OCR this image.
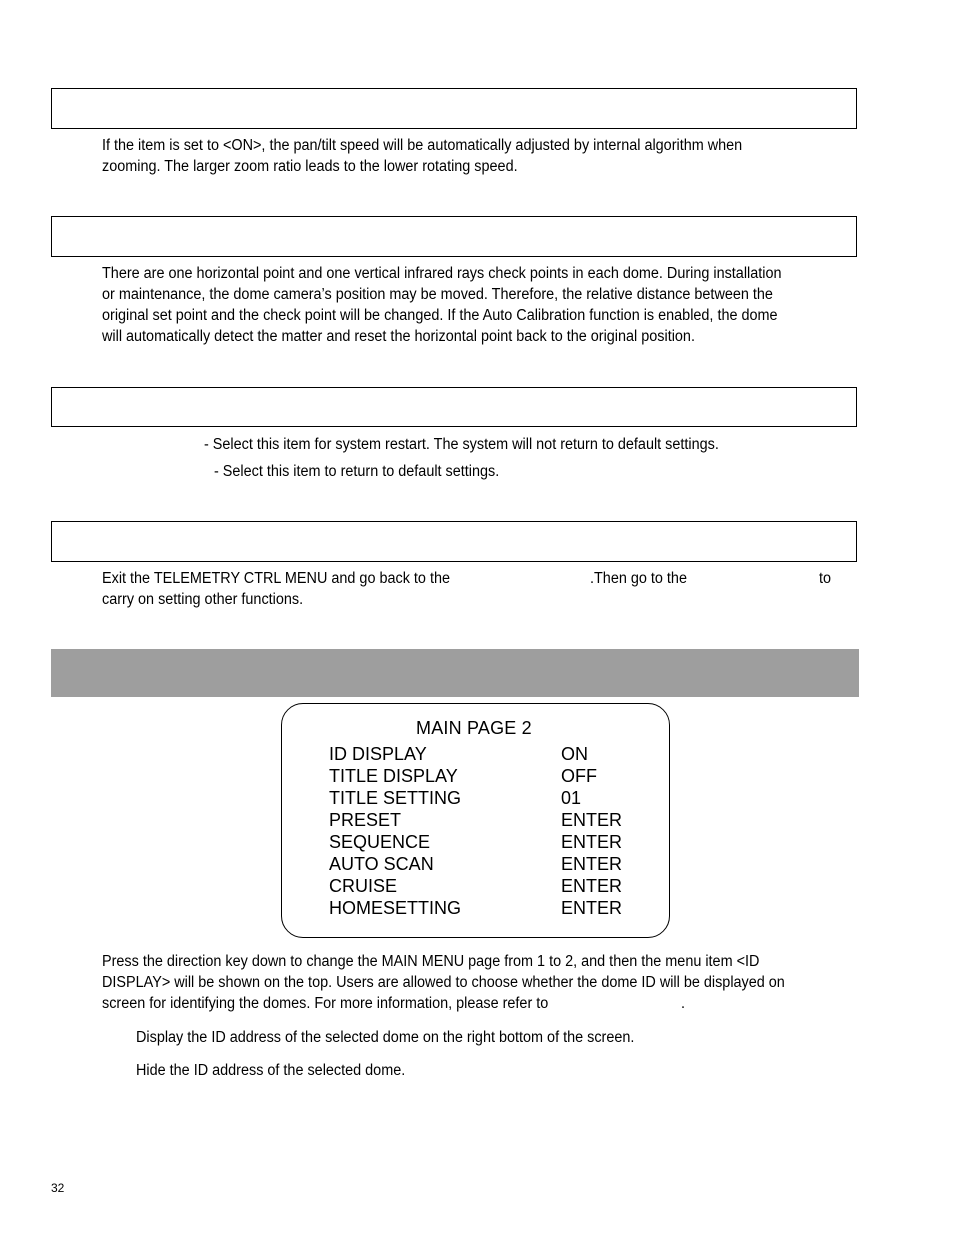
If the item is set to <ON>, the pan/tilt speed will be automatically adjusted by internal algorithm when zooming. The larger zoom ratio leads to the lower rotating speed.

There are one horizontal point and one vertical infrared rays check points in each dome. During installation or maintenance, the dome camera’s position may be moved. Therefore, the relative distance between the original set point and the check point will be changed. If the Auto Calibration function is enabled, the dome will automatically detect the matter and reset the horizontal point back to the original position.

- Select this item for system restart. The system will not return to default settings.
- Select this item to return to default settings.
Exit the TELEMETRY CTRL MENU and go back to the	.Then go to the	to
carry on setting other functions.
MAIN PAGE 2
ID DISPLAY	ON
TITLE DISPLAY	OFF
TITLE SETTING	01
PRESET	ENTER
SEQUENCE	ENTER
AUTO SCAN	ENTER
CRUISE	ENTER
HOMESETTING	ENTER
Press the direction key down to change the MAIN MENU page from 1 to 2, and then the menu item <ID
DISPLAY> will be shown on the top. Users are allowed to choose whether the dome ID will be displayed on
screen for identifying the domes. For more information, please refer to	.
Display the ID address of the selected dome on the right bottom of the screen.
Hide the ID address of the selected dome.
32
